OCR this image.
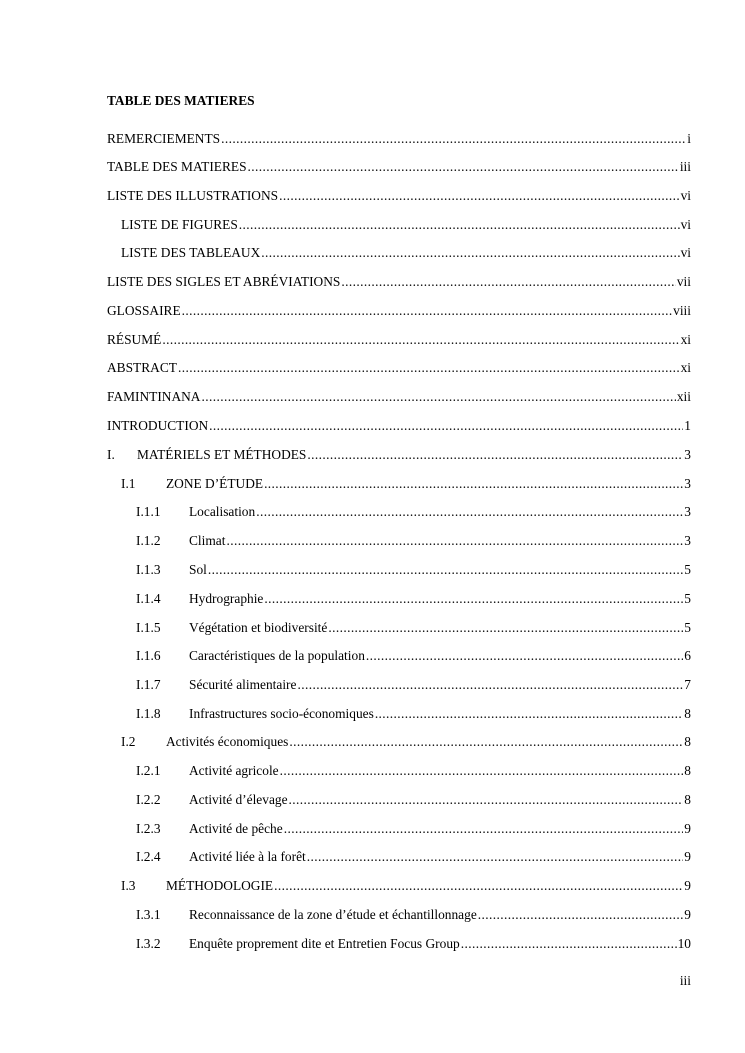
TABLE DES MATIERES
REMERCIEMENTS .....	i
TABLE DES MATIERES .....	iii
LISTE DES ILLUSTRATIONS .....	vi
LISTE DE FIGURES .....	vi
LISTE DES TABLEAUX .....	vi
LISTE DES SIGLES ET ABRÉVIATIONS .....	vii
GLOSSAIRE .....	viii
RÉSUMÉ .....	xi
ABSTRACT .....	xi
FAMINTINANA .....	xii
INTRODUCTION .....	1
I.	MATÉRIELS ET MÉTHODES .....	3
I.1	ZONE D’ÉTUDE .....	3
I.1.1	Localisation .....	3
I.1.2	Climat .....	3
I.1.3	Sol .....	5
I.1.4	Hydrographie .....	5
I.1.5	Végétation et biodiversité .....	5
I.1.6	Caractéristiques de la population .....	6
I.1.7	Sécurité alimentaire .....	7
I.1.8	Infrastructures socio-économiques .....	8
I.2	Activités économiques .....	8
I.2.1	Activité agricole .....	8
I.2.2	Activité d’élevage .....	8
I.2.3	Activité de pêche .....	9
I.2.4	Activité liée à la forêt .....	9
I.3	MÉTHODOLOGIE .....	9
I.3.1	Reconnaissance de la zone d’étude et échantillonnage .....	9
I.3.2	Enquête proprement dite et Entretien Focus Group .....	10
iii
